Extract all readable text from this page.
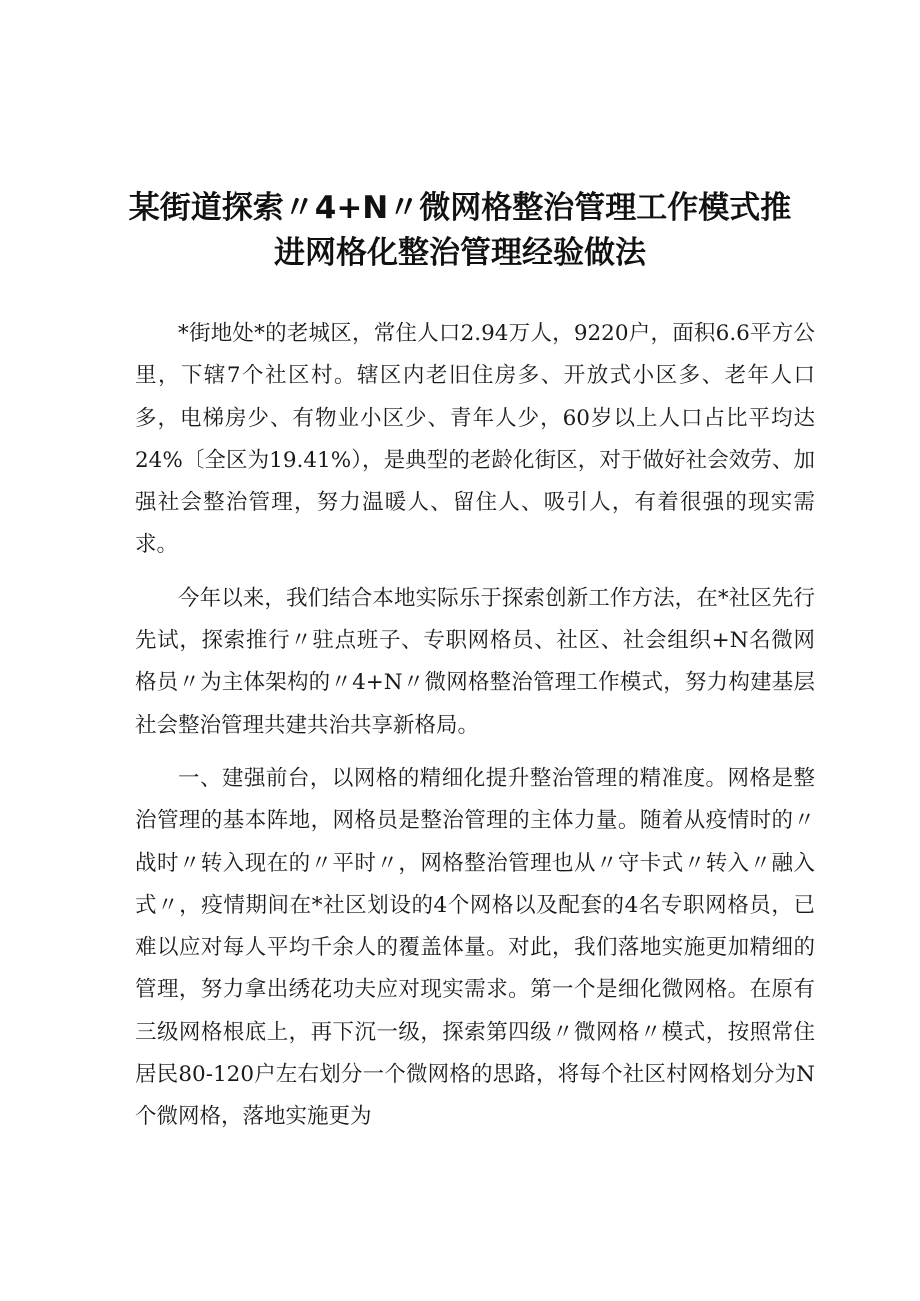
某街道探索〃4+N〃微网格整治管理工作模式推
进网格化整治管理经验做法

*街地处*的老城区，常住人口2.94万人，9220户，面积6.6平方公里，下辖7个社区村。辖区内老旧住房多、开放式小区多、老年人口多，电梯房少、有物业小区少、青年人少，60岁以上人口占比平均达24%〔全区为19.41%），是典型的老龄化街区，对于做好社会效劳、加强社会整治管理，努力温暖人、留住人、吸引人，有着很强的现实需求。

今年以来，我们结合本地实际乐于探索创新工作方法，在*社区先行先试，探索推行〃驻点班子、专职网格员、社区、社会组织+N名微网格员〃为主体架构的〃4+N〃微网格整治管理工作模式，努力构建基层社会整治管理共建共治共享新格局。

一、建强前台，以网格的精细化提升整治管理的精准度。网格是整治管理的基本阵地，网格员是整治管理的主体力量。随着从疫情时的〃战时〃转入现在的〃平时〃，网格整治管理也从〃守卡式〃转入〃融入式〃，疫情期间在*社区划设的4个网格以及配套的4名专职网格员，已难以应对每人平均千余人的覆盖体量。对此，我们落地实施更加精细的管理，努力拿出绣花功夫应对现实需求。第一个是细化微网格。在原有三级网格根底上，再下沉一级，探索第四级〃微网格〃模式，按照常住居民80-120户左右划分一个微网格的思路，将每个社区村网格划分为N个微网格，落地实施更为
